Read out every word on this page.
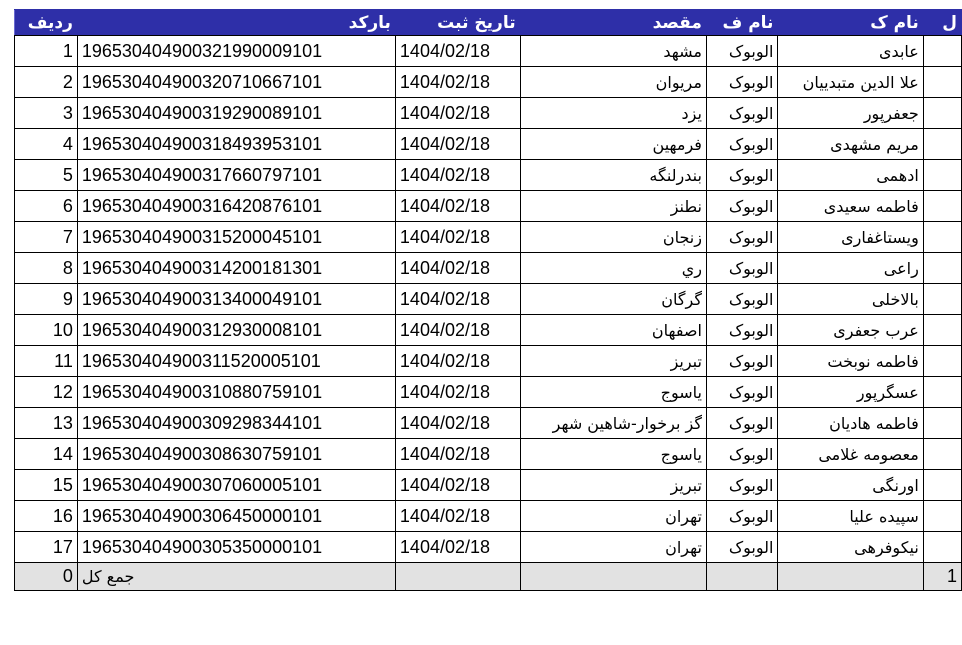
ردیف	بارکد	تاریخ ثبت	مقصد	نام ف	نام ک	ل
1	196530404900321990009101	1404/02/18	مشهد	الوبوک	عابدی	
2	196530404900320710667101	1404/02/18	مریوان	الوبوک	علا الدین متبدییان	
3	196530404900319290089101	1404/02/18	یزد	الوبوک	جعفرپور	
4	196530404900318493953101	1404/02/18	فرمهین	الوبوک	مریم مشهدی	
5	196530404900317660797101	1404/02/18	بندرلنگه	الوبوک	ادهمی	
6	196530404900316420876101	1404/02/18	نطنز	الوبوک	فاطمه سعیدی	
7	196530404900315200045101	1404/02/18	زنجان	الوبوک	ویستاغفاری	
8	196530404900314200181301	1404/02/18	ري	الوبوک	راعی	
9	196530404900313400049101	1404/02/18	گرگان	الوبوک	بالاخلی	
10	196530404900312930008101	1404/02/18	اصفهان	الوبوک	عرب جعفری	
11	196530404900311520005101	1404/02/18	تبریز	الوبوک	فاطمه نوبخت	
12	196530404900310880759101	1404/02/18	یاسوج	الوبوک	عسگرپور	
13	196530404900309298344101	1404/02/18	گز برخوار-شاهین شهر	الوبوک	فاطمه هادیان	
14	196530404900308630759101	1404/02/18	یاسوج	الوبوک	معصومه غلامی	
15	196530404900307060005101	1404/02/18	تبریز	الوبوک	اورنگی	
16	196530404900306450000101	1404/02/18	تهران	الوبوک	سپیده علیا	
17	196530404900305350000101	1404/02/18	تهران	الوبوک	نیکوفرهی	
0	جمع کل					1
